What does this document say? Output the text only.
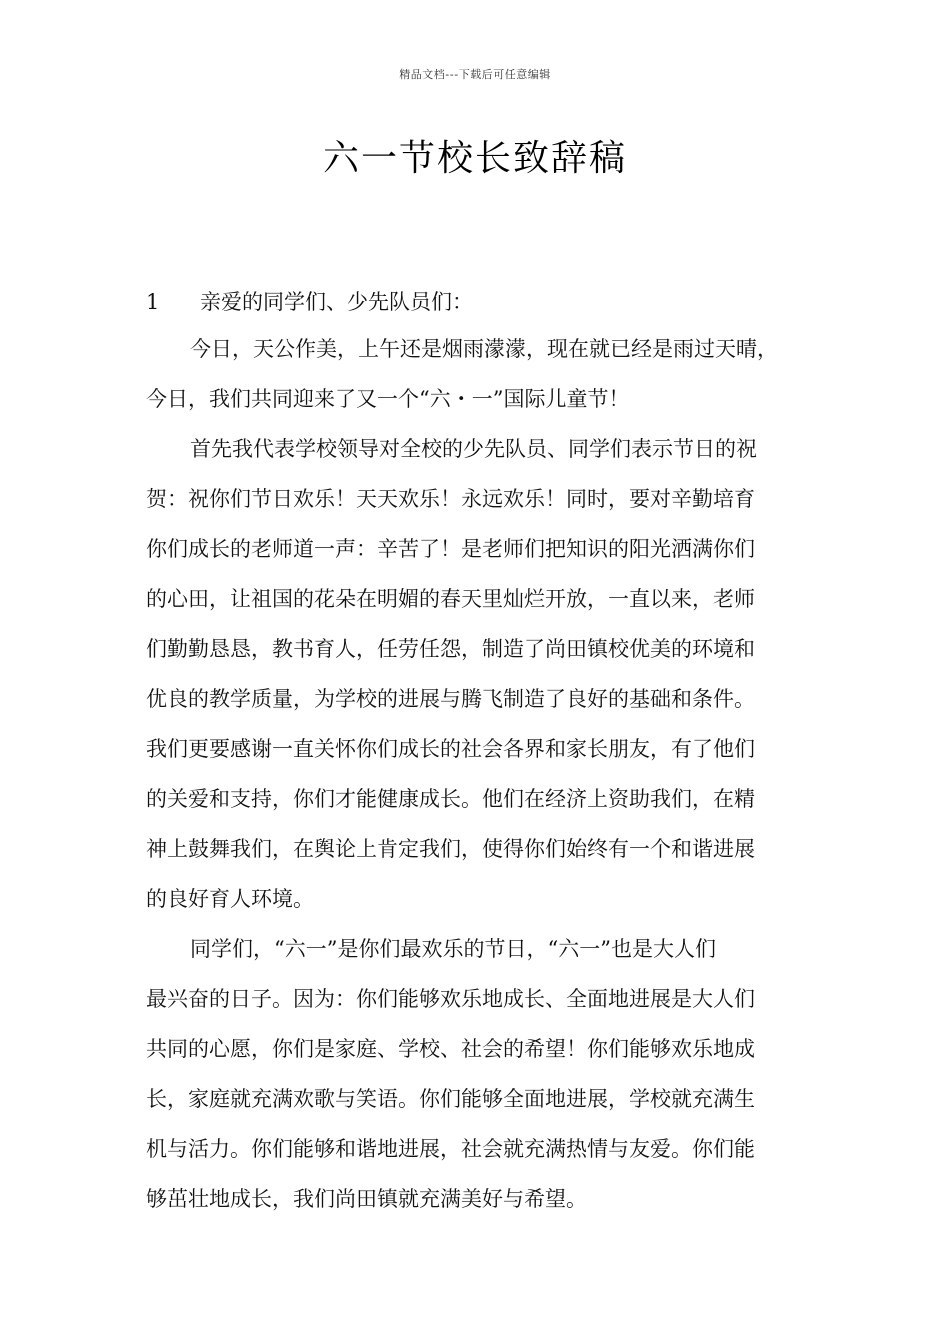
精品文档---下载后可任意编辑
六一节校长致辞稿
1 亲爱的同学们、少先队员们：

今日，天公作美，上午还是烟雨濛濛，现在就已经是雨过天晴，
今日，我们共同迎来了又一个“六・一”国际儿童节！

首先我代表学校领导对全校的少先队员、同学们表示节日的祝
贺：祝你们节日欢乐！天天欢乐！永远欢乐！同时，要对辛勤培育
你们成长的老师道一声：辛苦了！是老师们把知识的阳光洒满你们
的心田，让祖国的花朵在明媚的春天里灿烂开放，一直以来，老师
们勤勤恳恳，教书育人，任劳任怨，制造了尚田镇校优美的环境和
优良的教学质量，为学校的进展与腾飞制造了良好的基础和条件。
我们更要感谢一直关怀你们成长的社会各界和家长朋友，有了他们
的关爱和支持，你们才能健康成长。他们在经济上资助我们，在精
神上鼓舞我们，在舆论上肯定我们，使得你们始终有一个和谐进展
的良好育人环境。

同学们，“六一”是你们最欢乐的节日，“六一”也是大人们
最兴奋的日子。因为：你们能够欢乐地成长、全面地进展是大人们
共同的心愿，你们是家庭、学校、社会的希望！你们能够欢乐地成
长，家庭就充满欢歌与笑语。你们能够全面地进展，学校就充满生
机与活力。你们能够和谐地进展，社会就充满热情与友爱。你们能
够茁壮地成长，我们尚田镇就充满美好与希望。
